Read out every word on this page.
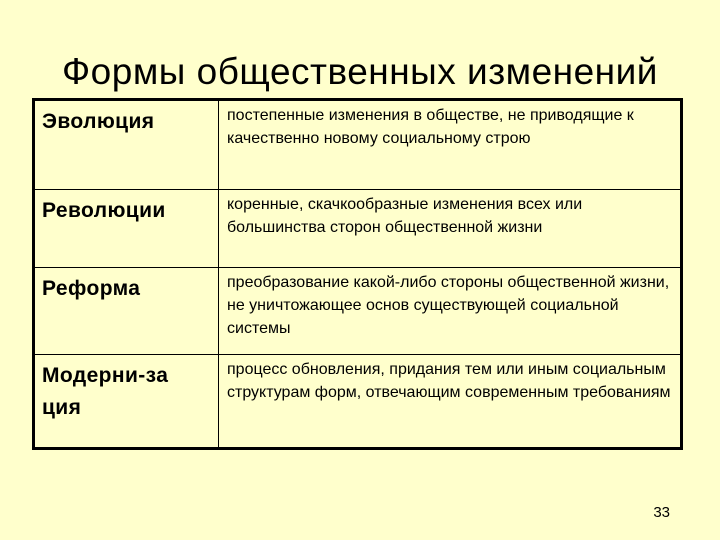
Формы общественных изменений
Эволюция	постепенные изменения в обществе, не приводящие к качественно новому социальному строю
Революции	коренные, скачкообразные изменения всех или большинства сторон общественной жизни
Реформа	преобразование какой-либо стороны общественной жизни, не уничтожающее основ существующей социальной системы
Модерни-за ция	процесс обновления, придания тем или иным социальным структурам форм, отвечающим современным требованиям
33
